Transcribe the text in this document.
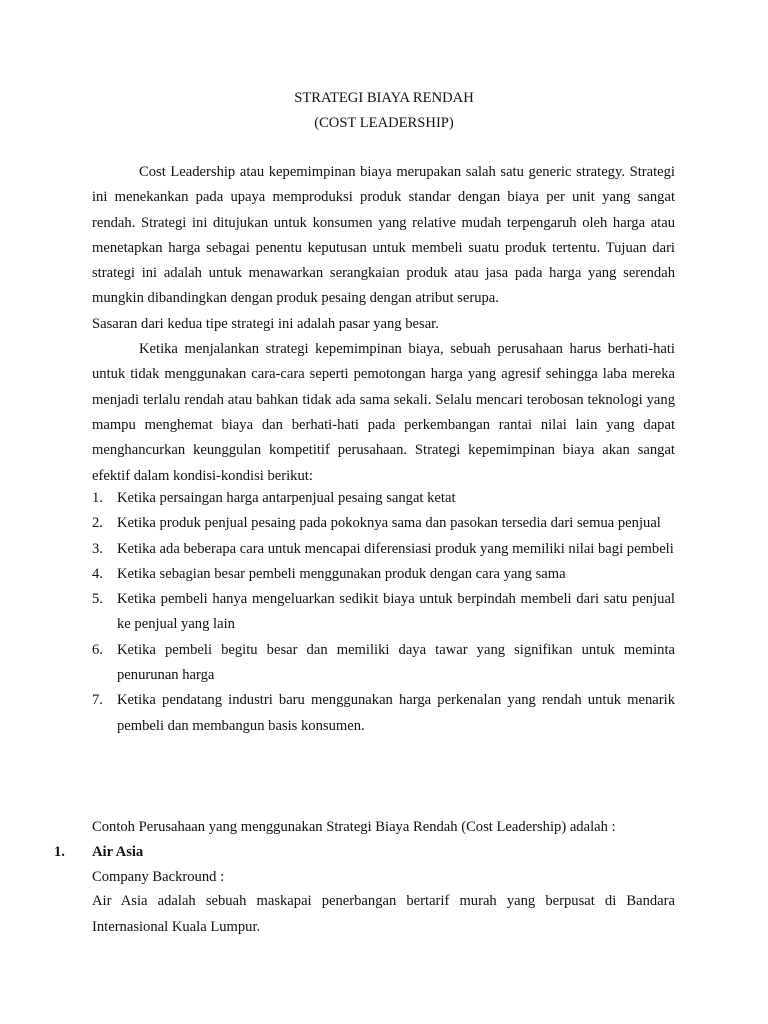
STRATEGI BIAYA RENDAH
(COST LEADERSHIP)

Cost Leadership atau kepemimpinan biaya merupakan salah satu generic strategy. Strategi ini menekankan pada upaya memproduksi produk standar dengan biaya per unit yang sangat rendah. Strategi ini ditujukan untuk konsumen yang relative mudah terpengaruh oleh harga atau menetapkan harga sebagai penentu keputusan untuk membeli suatu produk tertentu. Tujuan dari strategi ini adalah untuk menawarkan serangkaian produk atau jasa pada harga yang serendah mungkin dibandingkan dengan produk pesaing dengan atribut serupa.

Sasaran dari kedua tipe strategi ini adalah pasar yang besar.

Ketika menjalankan strategi kepemimpinan biaya, sebuah perusahaan harus berhati-hati untuk tidak menggunakan cara-cara seperti pemotongan harga yang agresif sehingga laba mereka menjadi terlalu rendah atau bahkan tidak ada sama sekali. Selalu mencari terobosan teknologi yang mampu menghemat biaya dan berhati-hati pada perkembangan rantai nilai lain yang dapat menghancurkan keunggulan kompetitif perusahaan. Strategi kepemimpinan biaya akan sangat efektif dalam kondisi-kondisi berikut:

1. Ketika persaingan harga antarpenjual pesaing sangat ketat
2. Ketika produk penjual pesaing pada pokoknya sama dan pasokan tersedia dari semua penjual
3. Ketika ada beberapa cara untuk mencapai diferensiasi produk yang memiliki nilai bagi pembeli
4. Ketika sebagian besar pembeli menggunakan produk dengan cara yang sama
5. Ketika pembeli hanya mengeluarkan sedikit biaya untuk berpindah membeli dari satu penjual ke penjual yang lain
6. Ketika pembeli begitu besar dan memiliki daya tawar yang signifikan untuk meminta penurunan harga
7. Ketika pendatang industri baru menggunakan harga perkenalan yang rendah untuk menarik pembeli dan membangun basis konsumen.
Contoh Perusahaan yang menggunakan Strategi Biaya Rendah (Cost Leadership) adalah :
1. Air Asia
Company Backround :
Air Asia adalah sebuah maskapai penerbangan bertarif murah yang berpusat di Bandara Internasional Kuala Lumpur.
